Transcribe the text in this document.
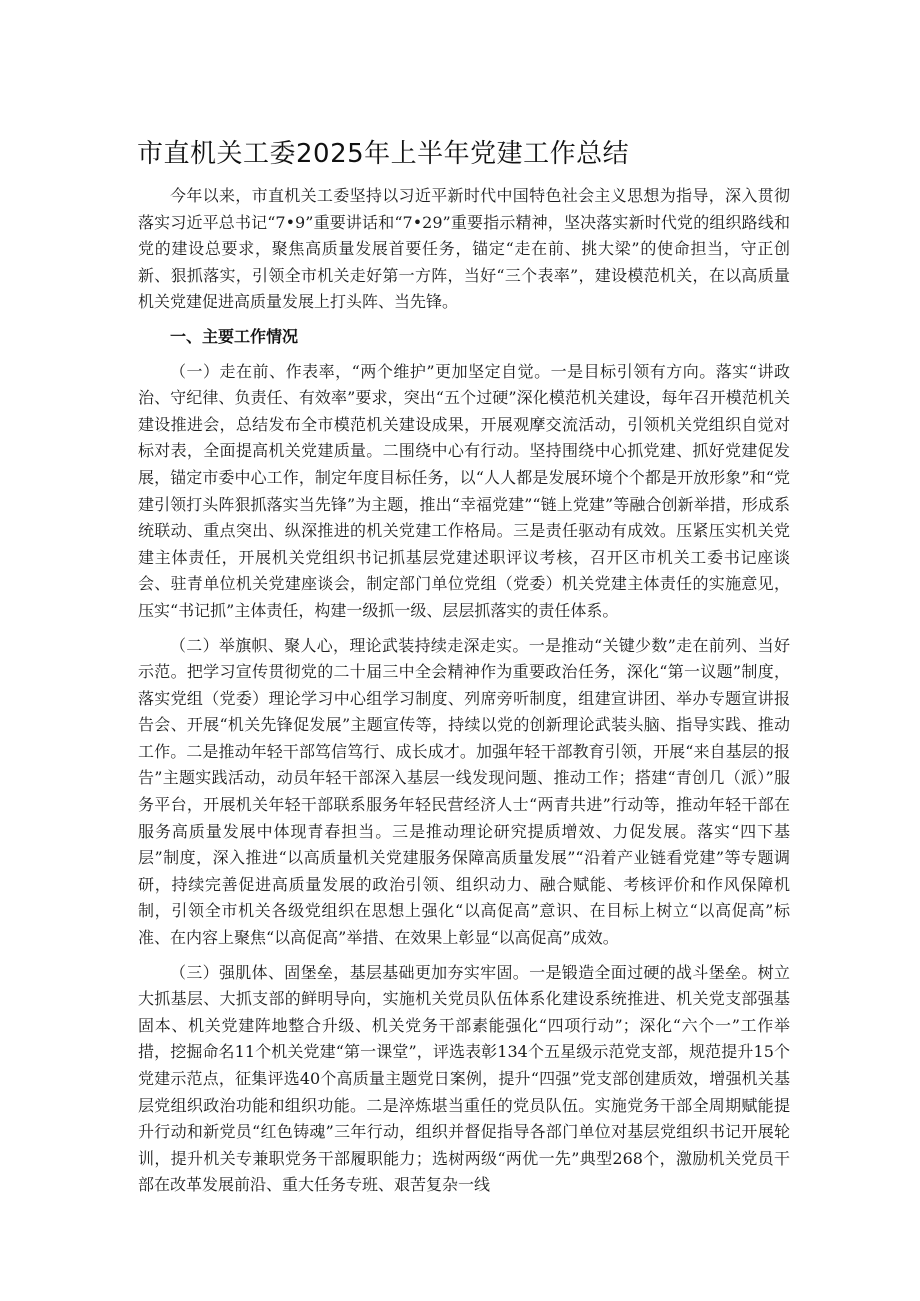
市直机关工委2025年上半年党建工作总结

今年以来，市直机关工委坚持以习近平新时代中国特色社会主义思想为指导，深入贯彻落实习近平总书记“7•9”重要讲话和“7•29”重要指示精神，坚决落实新时代党的组织路线和党的建设总要求，聚焦高质量发展首要任务，锚定“走在前、挑大梁”的使命担当，守正创新、狠抓落实，引领全市机关走好第一方阵，当好“三个表率”，建设模范机关，在以高质量机关党建促进高质量发展上打头阵、当先锋。

一、主要工作情况

（一）走在前、作表率，“两个维护”更加坚定自觉。一是目标引领有方向。落实“讲政治、守纪律、负责任、有效率”要求，突出“五个过硬”深化模范机关建设，每年召开模范机关建设推进会，总结发布全市模范机关建设成果，开展观摩交流活动，引领机关党组织自觉对标对表，全面提高机关党建质量。二围绕中心有行动。坚持围绕中心抓党建、抓好党建促发展，锚定市委中心工作，制定年度目标任务，以“人人都是发展环境个个都是开放形象”和“党建引领打头阵狠抓落实当先锋”为主题，推出“幸福党建”“链上党建”等融合创新举措，形成系统联动、重点突出、纵深推进的机关党建工作格局。三是责任驱动有成效。压紧压实机关党建主体责任，开展机关党组织书记抓基层党建述职评议考核，召开区市机关工委书记座谈会、驻青单位机关党建座谈会，制定部门单位党组（党委）机关党建主体责任的实施意见，压实“书记抓”主体责任，构建一级抓一级、层层抓落实的责任体系。

（二）举旗帜、聚人心，理论武装持续走深走实。一是推动“关键少数”走在前列、当好示范。把学习宣传贯彻党的二十届三中全会精神作为重要政治任务，深化“第一议题”制度，落实党组（党委）理论学习中心组学习制度、列席旁听制度，组建宣讲团、举办专题宣讲报告会、开展“机关先锋促发展”主题宣传等，持续以党的创新理论武装头脑、指导实践、推动工作。二是推动年轻干部笃信笃行、成长成才。加强年轻干部教育引领，开展“来自基层的报告”主题实践活动，动员年轻干部深入基层一线发现问题、推动工作；搭建“青创几（派）”服务平台，开展机关年轻干部联系服务年轻民营经济人士“两青共进”行动等，推动年轻干部在服务高质量发展中体现青春担当。三是推动理论研究提质增效、力促发展。落实“四下基层”制度，深入推进“以高质量机关党建服务保障高质量发展”“沿着产业链看党建”等专题调研，持续完善促进高质量发展的政治引领、组织动力、融合赋能、考核评价和作风保障机制，引领全市机关各级党组织在思想上强化“以高促高”意识、在目标上树立“以高促高”标准、在内容上聚焦“以高促高”举措、在效果上彰显“以高促高”成效。

（三）强肌体、固堡垒，基层基础更加夯实牢固。一是锻造全面过硬的战斗堡垒。树立大抓基层、大抓支部的鲜明导向，实施机关党员队伍体系化建设系统推进、机关党支部强基固本、机关党建阵地整合升级、机关党务干部素能强化“四项行动”；深化“六个一”工作举措，挖掘命名11个机关党建“第一课堂”，评选表彰134个五星级示范党支部，规范提升15个党建示范点，征集评选40个高质量主题党日案例，提升“四强”党支部创建质效，增强机关基层党组织政治功能和组织功能。二是淬炼堪当重任的党员队伍。实施党务干部全周期赋能提升行动和新党员“红色铸魂”三年行动，组织并督促指导各部门单位对基层党组织书记开展轮训，提升机关专兼职党务干部履职能力；选树两级“两优一先”典型268个，激励机关党员干部在改革发展前沿、重大任务专班、艰苦复杂一线
